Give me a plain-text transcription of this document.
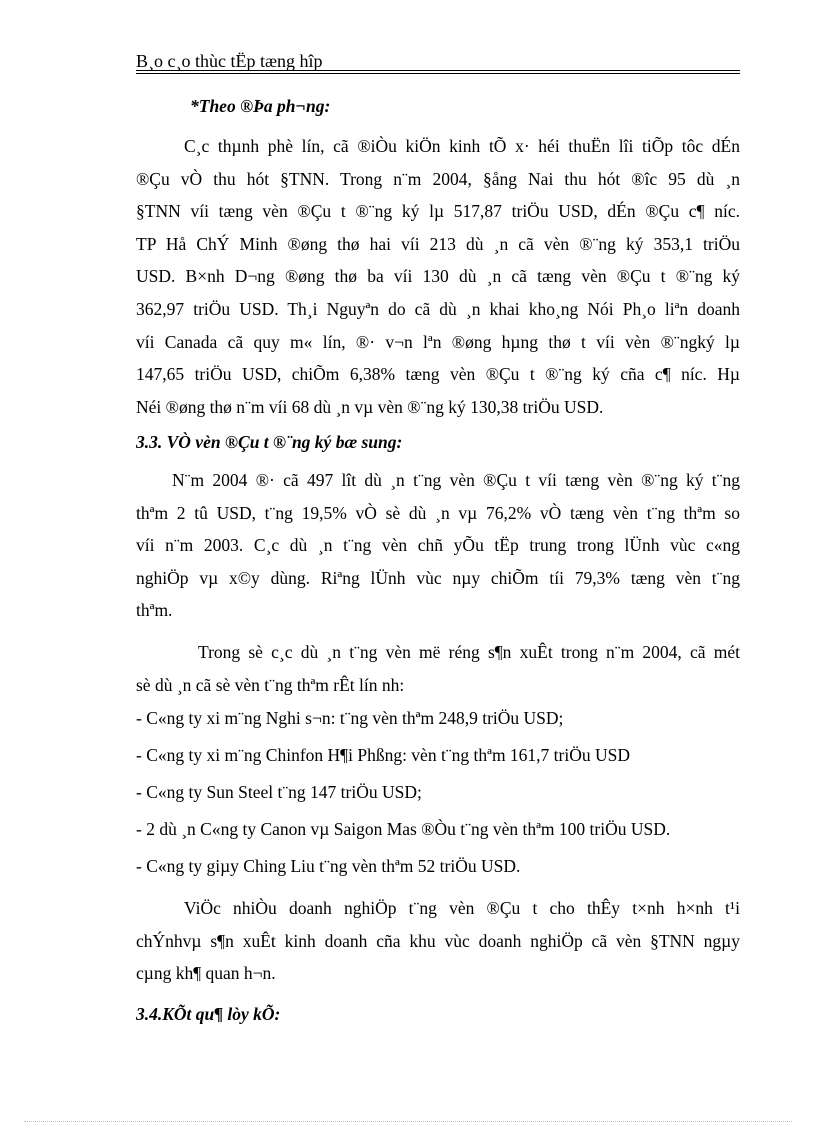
B¸o c¸o thùc tËp tæng hîp
*Theo ®Þa ph¬ng:
C¸c thµnh phè lín, cã ®iÒu kiÖn kinh tÕ x· héi thuËn lîi tiÕp tôc dÉn
®Çu vÒ thu hót §TNN. Trong n¨m 2004, §ång Nai thu hót ®îc 95 dù ¸n
§TNN víi tæng vèn ®Çu t ®¨ng ký lµ 517,87 triÖu USD, dÉn ®Çu c¶ níc.
TP Hå ChÝ Minh ®øng thø hai víi 213 dù ¸n cã vèn ®¨ng ký 353,1 triÖu
USD. B×nh D¬ng ®øng thø ba víi 130 dù ¸n cã tæng vèn ®Çu t ®¨ng ký
362,97 triÖu USD. Th¸i Nguyªn do cã dù ¸n khai kho¸ng Nói Ph¸o liªn doanh
víi Canada cã quy m« lín, ®· v¬n lªn ®øng hµng thø t víi vèn ®¨ngký lµ
147,65 triÖu USD, chiÕm 6,38% tæng vèn ®Çu t ®¨ng ký cña c¶ níc. Hµ
Néi ®øng thø n¨m víi 68 dù ¸n vµ vèn ®¨ng ký 130,38 triÖu USD.
3.3. VÒ vèn ®Çu t ®¨ng ký bæ sung:
N¨m 2004 ®· cã 497 lît dù ¸n t¨ng vèn ®Çu t víi tæng vèn ®¨ng ký t¨ng
thªm 2 tû USD, t¨ng 19,5% vÒ sè dù ¸n vµ 76,2% vÒ tæng vèn t¨ng thªm so
víi n¨m 2003. C¸c dù ¸n t¨ng vèn chñ yÕu tËp trung trong lÜnh vùc c«ng
nghiÖp vµ x©y dùng. Riªng lÜnh vùc nµy chiÕm tíi 79,3% tæng vèn t¨ng
thªm.
Trong sè c¸c dù ¸n t¨ng vèn më réng s¶n xuÊt trong n¨m 2004, cã mét
sè dù ¸n cã sè vèn t¨ng thªm rÊt lín nh:
- C«ng ty xi m¨ng Nghi s¬n: t¨ng vèn thªm 248,9 triÖu USD;
- C«ng ty xi m¨ng Chinfon H¶i Phßng: vèn t¨ng thªm 161,7 triÖu USD
- C«ng ty Sun Steel t¨ng 147 triÖu USD;
- 2 dù ¸n C«ng ty Canon vµ Saigon Mas ®Òu t¨ng vèn thªm 100 triÖu USD.
- C«ng ty giµy Ching Liu t¨ng vèn thªm 52 triÖu USD.
ViÖc nhiÒu doanh nghiÖp t¨ng vèn ®Çu t cho thÊy t×nh h×nh t¹i
chÝnhvµ s¶n xuÊt kinh doanh cña khu vùc doanh nghiÖp cã vèn §TNN ngµy
cµng kh¶ quan h¬n.
3.4.KÕt qu¶ lòy kÕ:
